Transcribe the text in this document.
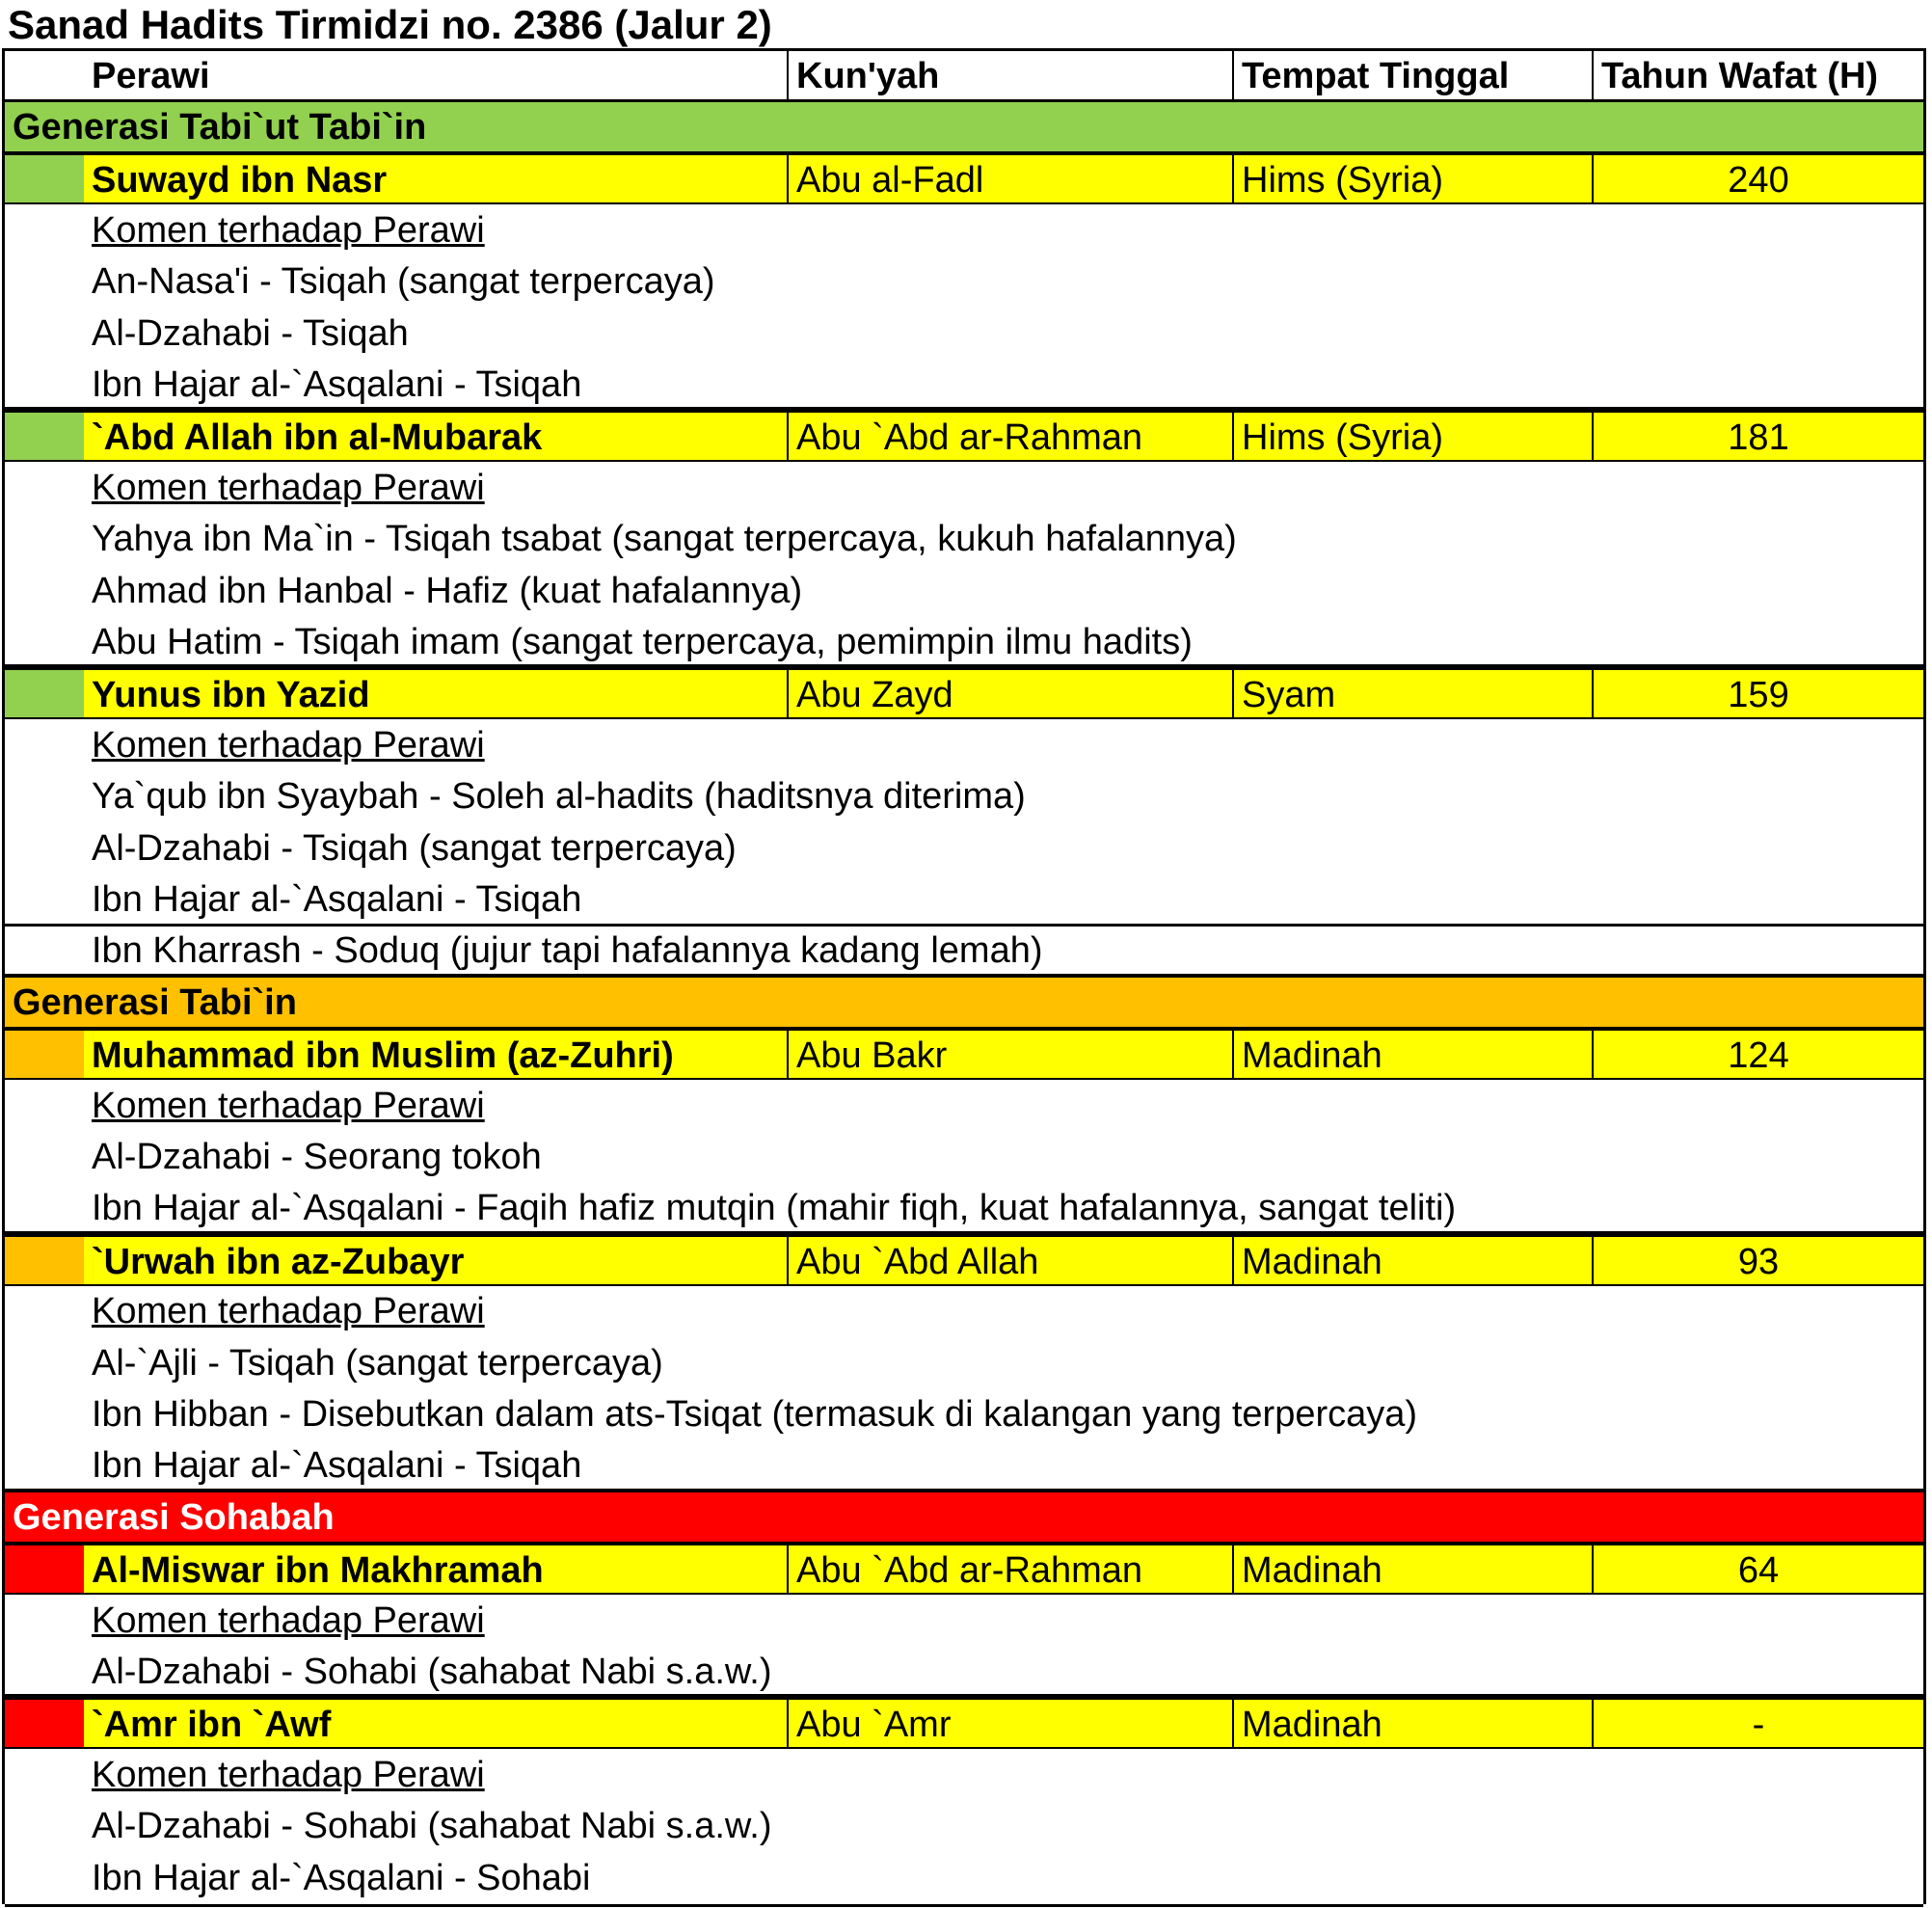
Sanad Hadits Tirmidzi no. 2386 (Jalur 2)
Perawi	Kun'yah	Tempat Tinggal	Tahun Wafat (H)
Generasi Tabi`ut Tabi`in
Suwayd ibn Nasr	Abu al-Fadl	Hims (Syria)	240
Komen terhadap Perawi
An-Nasa'i - Tsiqah (sangat terpercaya)
Al-Dzahabi - Tsiqah
Ibn Hajar al-`Asqalani - Tsiqah
`Abd Allah ibn al-Mubarak	Abu `Abd ar-Rahman	Hims (Syria)	181
Komen terhadap Perawi
Yahya ibn Ma`in - Tsiqah tsabat (sangat terpercaya, kukuh hafalannya)
Ahmad ibn Hanbal - Hafiz (kuat hafalannya)
Abu Hatim - Tsiqah imam (sangat terpercaya, pemimpin ilmu hadits)
Yunus ibn Yazid	Abu Zayd	Syam	159
Komen terhadap Perawi
Ya`qub ibn Syaybah - Soleh al-hadits (haditsnya diterima)
Al-Dzahabi - Tsiqah (sangat terpercaya)
Ibn Hajar al-`Asqalani - Tsiqah
Ibn Kharrash - Soduq (jujur tapi hafalannya kadang lemah)
Generasi Tabi`in
Muhammad ibn Muslim (az-Zuhri)	Abu Bakr	Madinah	124
Komen terhadap Perawi
Al-Dzahabi - Seorang tokoh
Ibn Hajar al-`Asqalani - Faqih hafiz mutqin (mahir fiqh, kuat hafalannya, sangat teliti)
`Urwah ibn az-Zubayr	Abu `Abd Allah	Madinah	93
Komen terhadap Perawi
Al-`Ajli - Tsiqah (sangat terpercaya)
Ibn Hibban - Disebutkan dalam ats-Tsiqat (termasuk di kalangan yang terpercaya)
Ibn Hajar al-`Asqalani - Tsiqah
Generasi Sohabah
Al-Miswar ibn Makhramah	Abu `Abd ar-Rahman	Madinah	64
Komen terhadap Perawi
Al-Dzahabi - Sohabi (sahabat Nabi s.a.w.)
`Amr ibn `Awf	Abu `Amr	Madinah	-
Komen terhadap Perawi
Al-Dzahabi - Sohabi (sahabat Nabi s.a.w.)
Ibn Hajar al-`Asqalani - Sohabi
